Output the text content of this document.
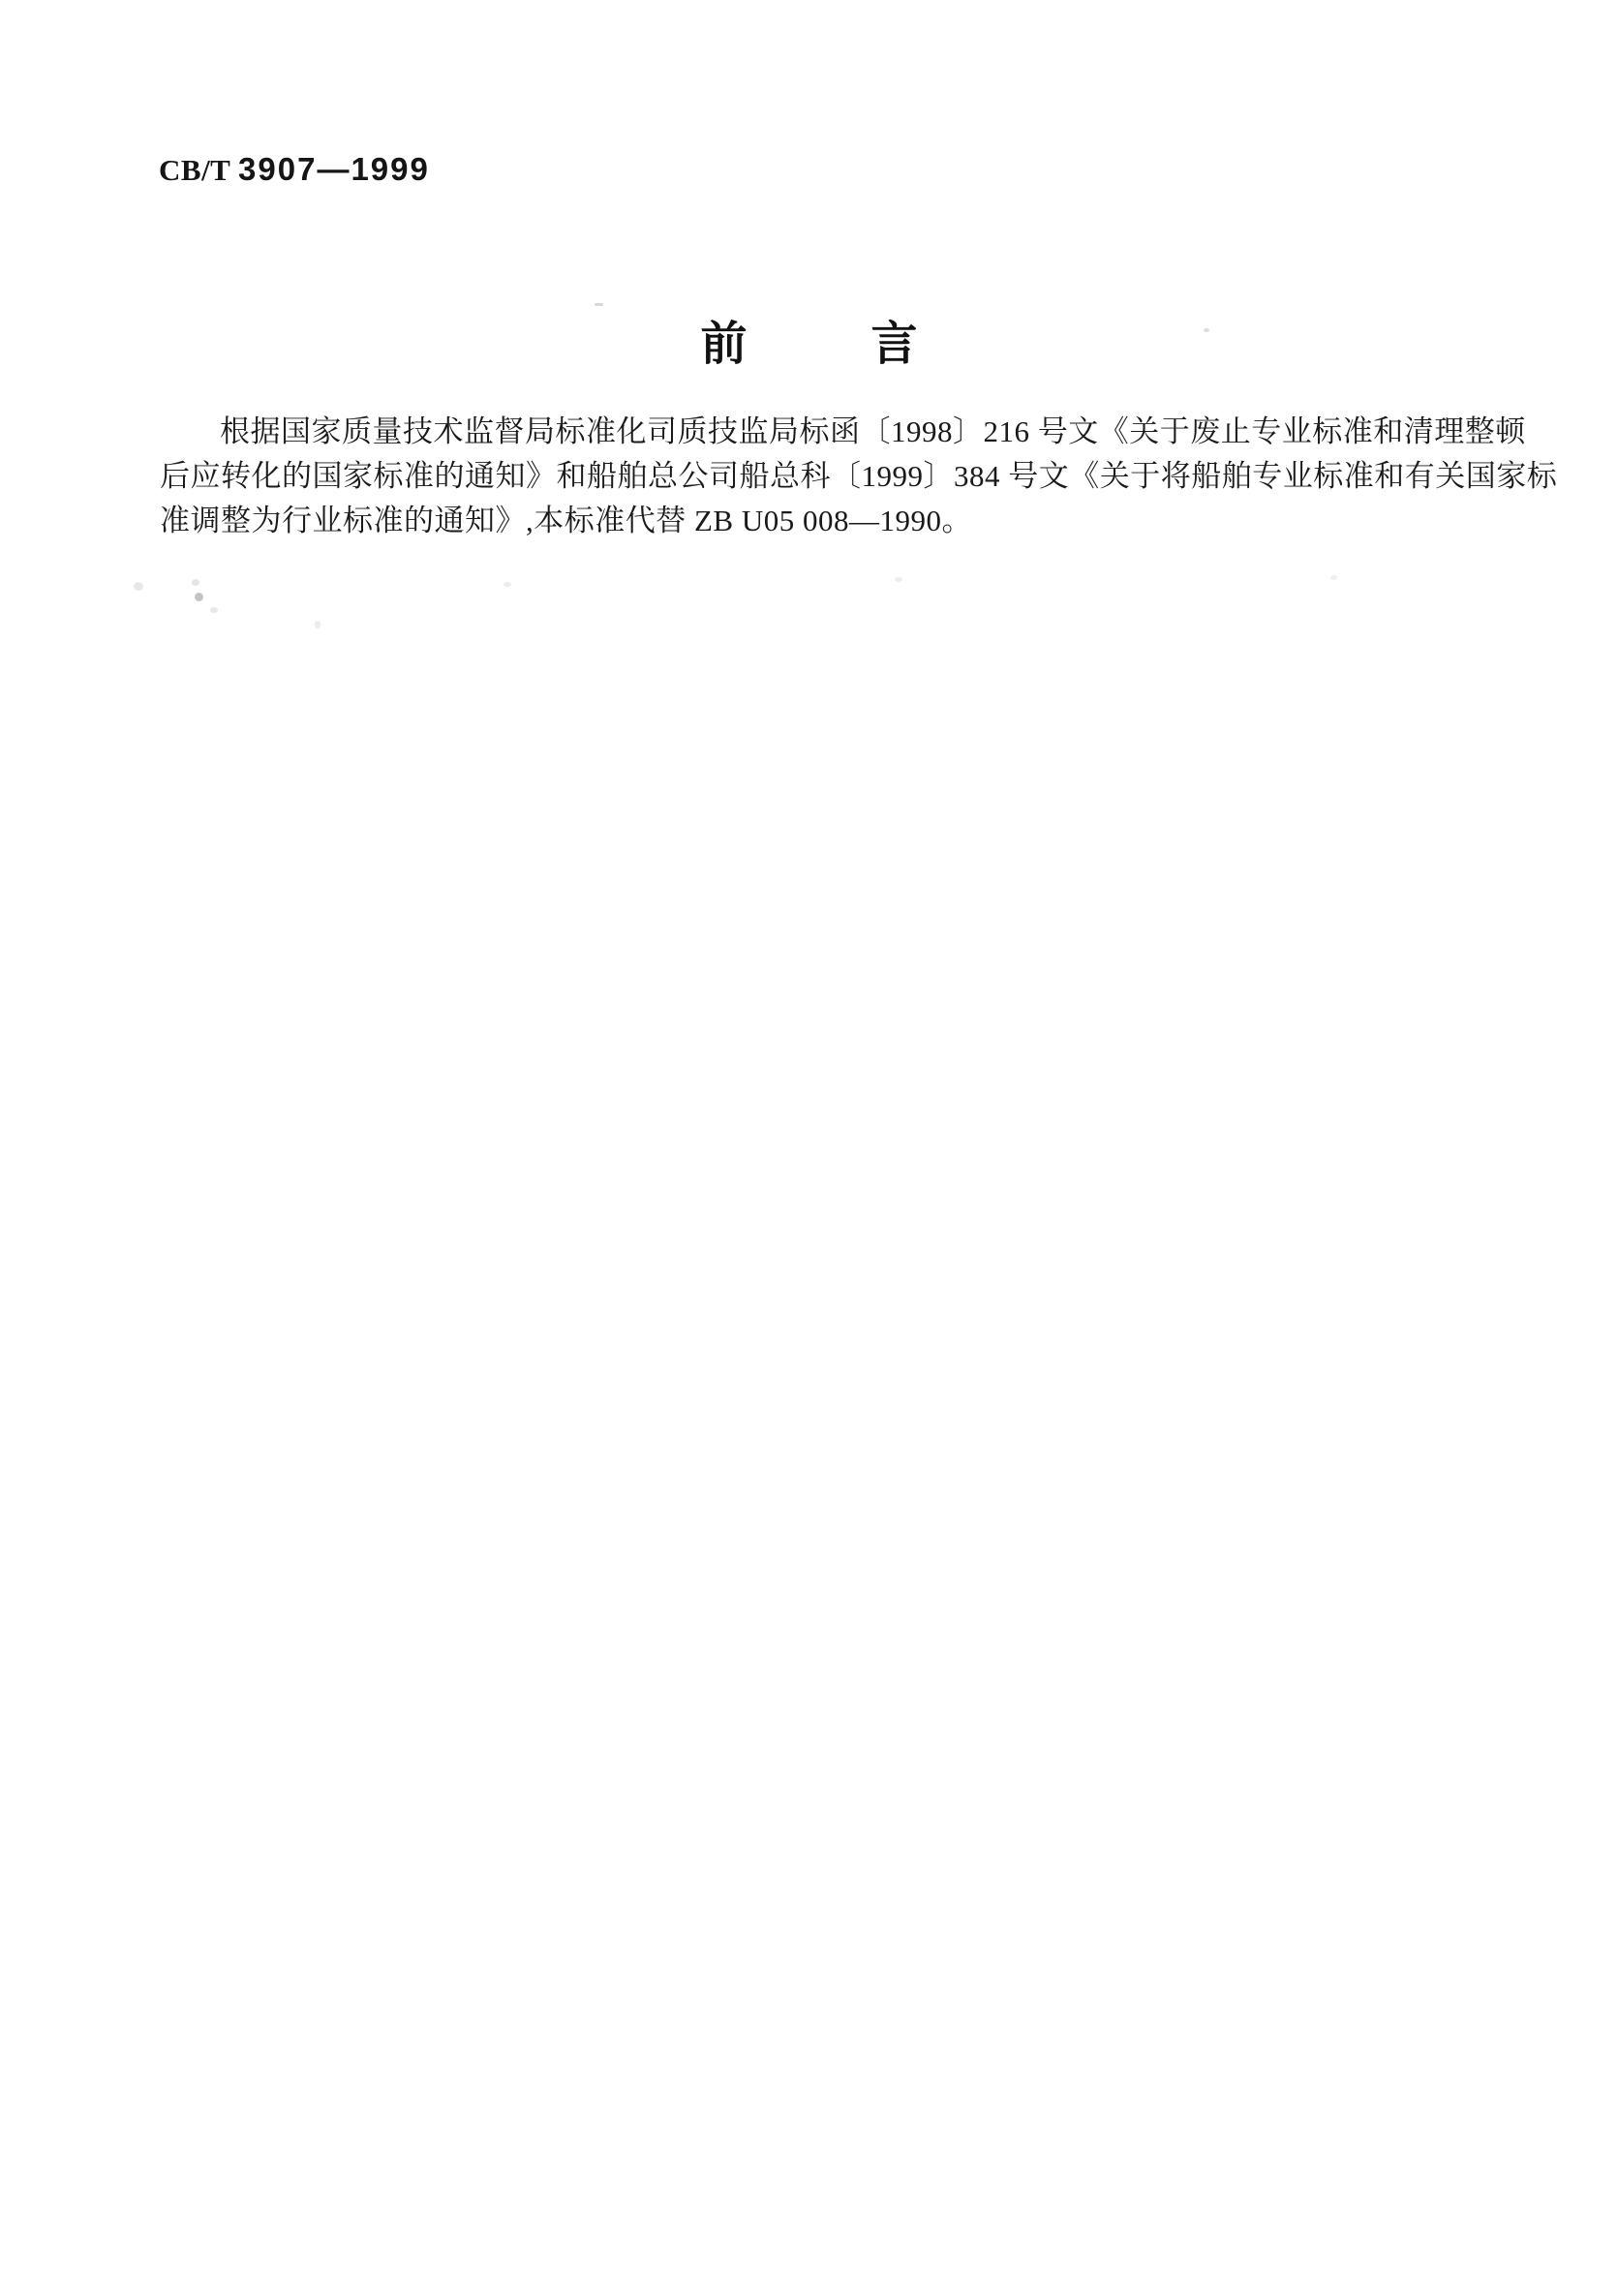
CB/T 3907—1999
前	言
根据国家质量技术监督局标准化司质技监局标函〔1998〕216 号文《关于废止专业标准和清理整顿
后应转化的国家标准的通知》和船舶总公司船总科〔1999〕384 号文《关于将船舶专业标准和有关国家标
准调整为行业标准的通知》,本标准代替 ZB U05 008—1990。
